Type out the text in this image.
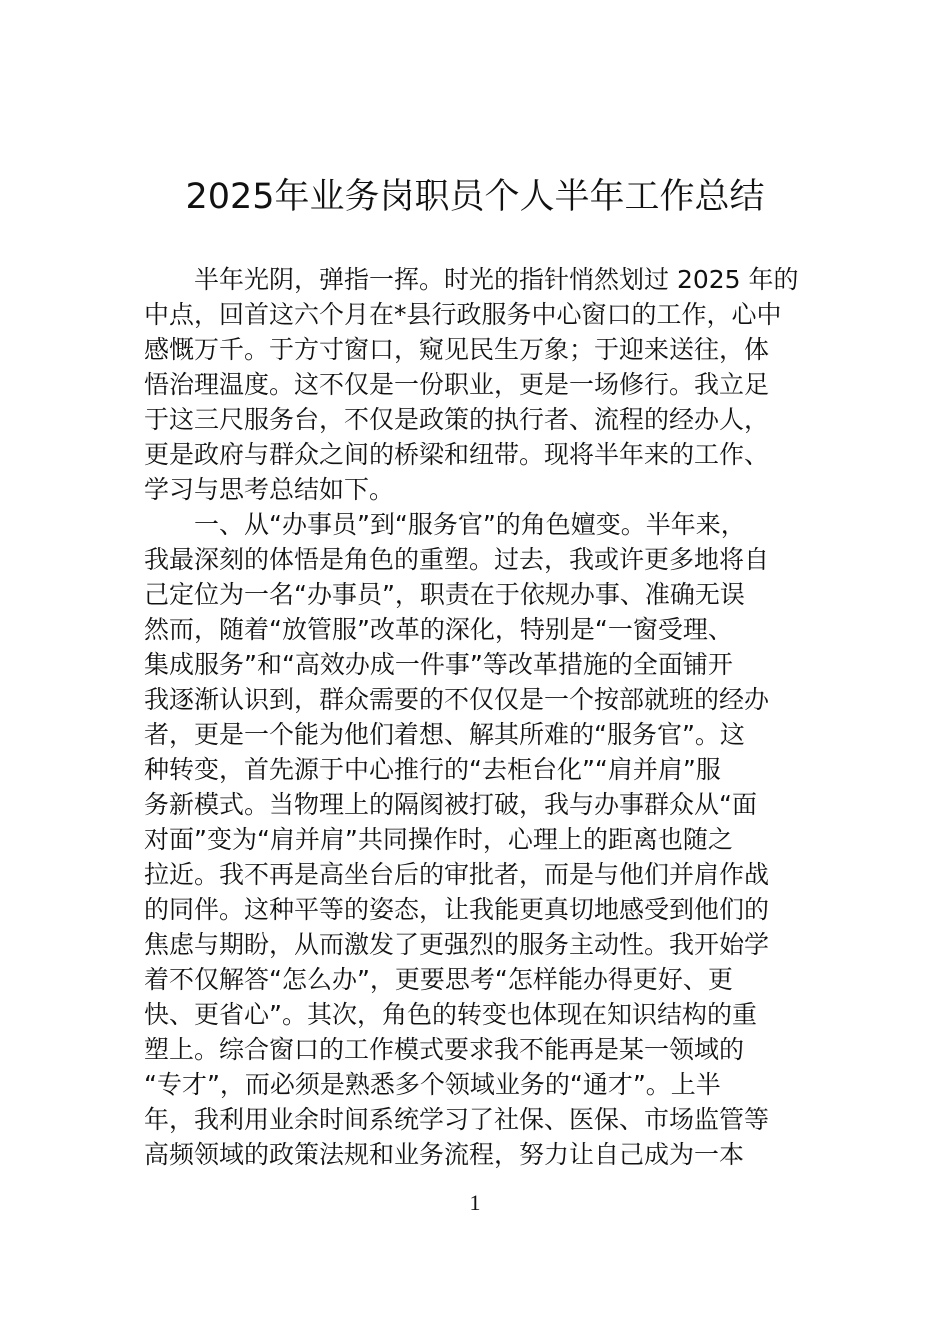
2025年业务岗职员个人半年工作总结
半年光阴，弹指一挥。时光的指针悄然划过 2025 年的
中点，回首这六个月在*县行政服务中心窗口的工作，心中
感慨万千。于方寸窗口，窥见民生万象；于迎来送往，体
悟治理温度。这不仅是一份职业，更是一场修行。我立足
于这三尺服务台，不仅是政策的执行者、流程的经办人，
更是政府与群众之间的桥梁和纽带。现将半年来的工作、
学习与思考总结如下。
一、从“办事员”到“服务官”的角色嬗变。半年来，
我最深刻的体悟是角色的重塑。过去，我或许更多地将自
己定位为一名“办事员”，职责在于依规办事、准确无误
然而，随着“放管服”改革的深化，特别是“一窗受理、
集成服务”和“高效办成一件事”等改革措施的全面铺开
我逐渐认识到，群众需要的不仅仅是一个按部就班的经办
者，更是一个能为他们着想、解其所难的“服务官”。这
种转变，首先源于中心推行的“去柜台化”“肩并肩”服
务新模式。当物理上的隔阂被打破，我与办事群众从“面
对面”变为“肩并肩”共同操作时，心理上的距离也随之
拉近。我不再是高坐台后的审批者，而是与他们并肩作战
的同伴。这种平等的姿态，让我能更真切地感受到他们的
焦虑与期盼，从而激发了更强烈的服务主动性。我开始学
着不仅解答“怎么办”，更要思考“怎样能办得更好、更
快、更省心”。其次，角色的转变也体现在知识结构的重
塑上。综合窗口的工作模式要求我不能再是某一领域的
“专才”，而必须是熟悉多个领域业务的“通才”。上半
年，我利用业余时间系统学习了社保、医保、市场监管等
高频领域的政策法规和业务流程，努力让自己成为一本
1
